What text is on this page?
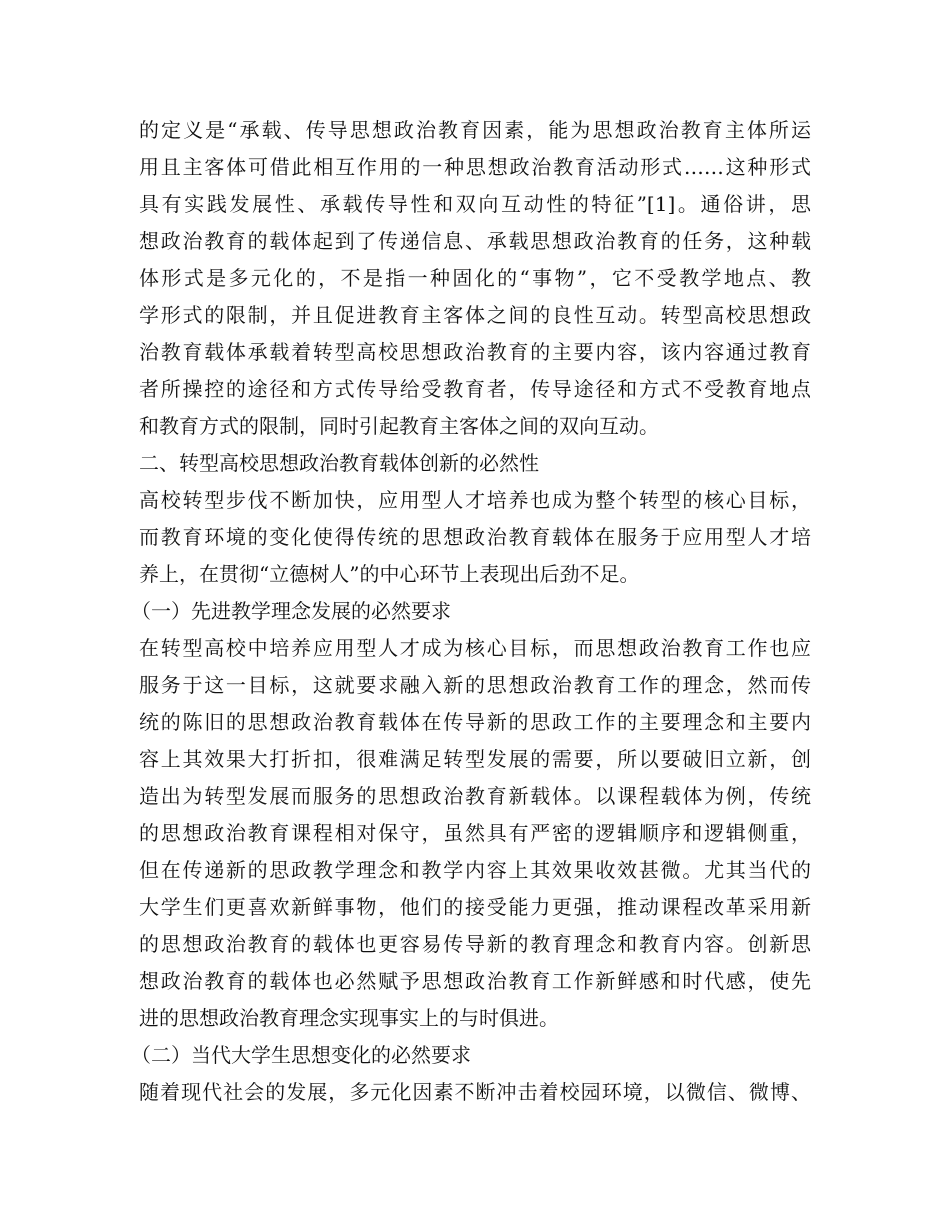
的定义是“承载、传导思想政治教育因素，能为思想政治教育主体所运
用且主客体可借此相互作用的一种思想政治教育活动形式……这种形式
具有实践发展性、承载传导性和双向互动性的特征”[1]。通俗讲，思
想政治教育的载体起到了传递信息、承载思想政治教育的任务，这种载
体形式是多元化的，不是指一种固化的“事物”，它不受教学地点、教
学形式的限制，并且促进教育主客体之间的良性互动。转型高校思想政
治教育载体承载着转型高校思想政治教育的主要内容，该内容通过教育
者所操控的途径和方式传导给受教育者，传导途径和方式不受教育地点
和教育方式的限制，同时引起教育主客体之间的双向互动。
二、转型高校思想政治教育载体创新的必然性
高校转型步伐不断加快，应用型人才培养也成为整个转型的核心目标，
而教育环境的变化使得传统的思想政治教育载体在服务于应用型人才培
养上，在贯彻“立德树人”的中心环节上表现出后劲不足。
（一）先进教学理念发展的必然要求
在转型高校中培养应用型人才成为核心目标，而思想政治教育工作也应
服务于这一目标，这就要求融入新的思想政治教育工作的理念，然而传
统的陈旧的思想政治教育载体在传导新的思政工作的主要理念和主要内
容上其效果大打折扣，很难满足转型发展的需要，所以要破旧立新，创
造出为转型发展而服务的思想政治教育新载体。以课程载体为例，传统
的思想政治教育课程相对保守，虽然具有严密的逻辑顺序和逻辑侧重，
但在传递新的思政教学理念和教学内容上其效果收效甚微。尤其当代的
大学生们更喜欢新鲜事物，他们的接受能力更强，推动课程改革采用新
的思想政治教育的载体也更容易传导新的教育理念和教育内容。创新思
想政治教育的载体也必然赋予思想政治教育工作新鲜感和时代感，使先
进的思想政治教育理念实现事实上的与时俱进。
（二）当代大学生思想变化的必然要求
随着现代社会的发展，多元化因素不断冲击着校园环境，以微信、微博、
